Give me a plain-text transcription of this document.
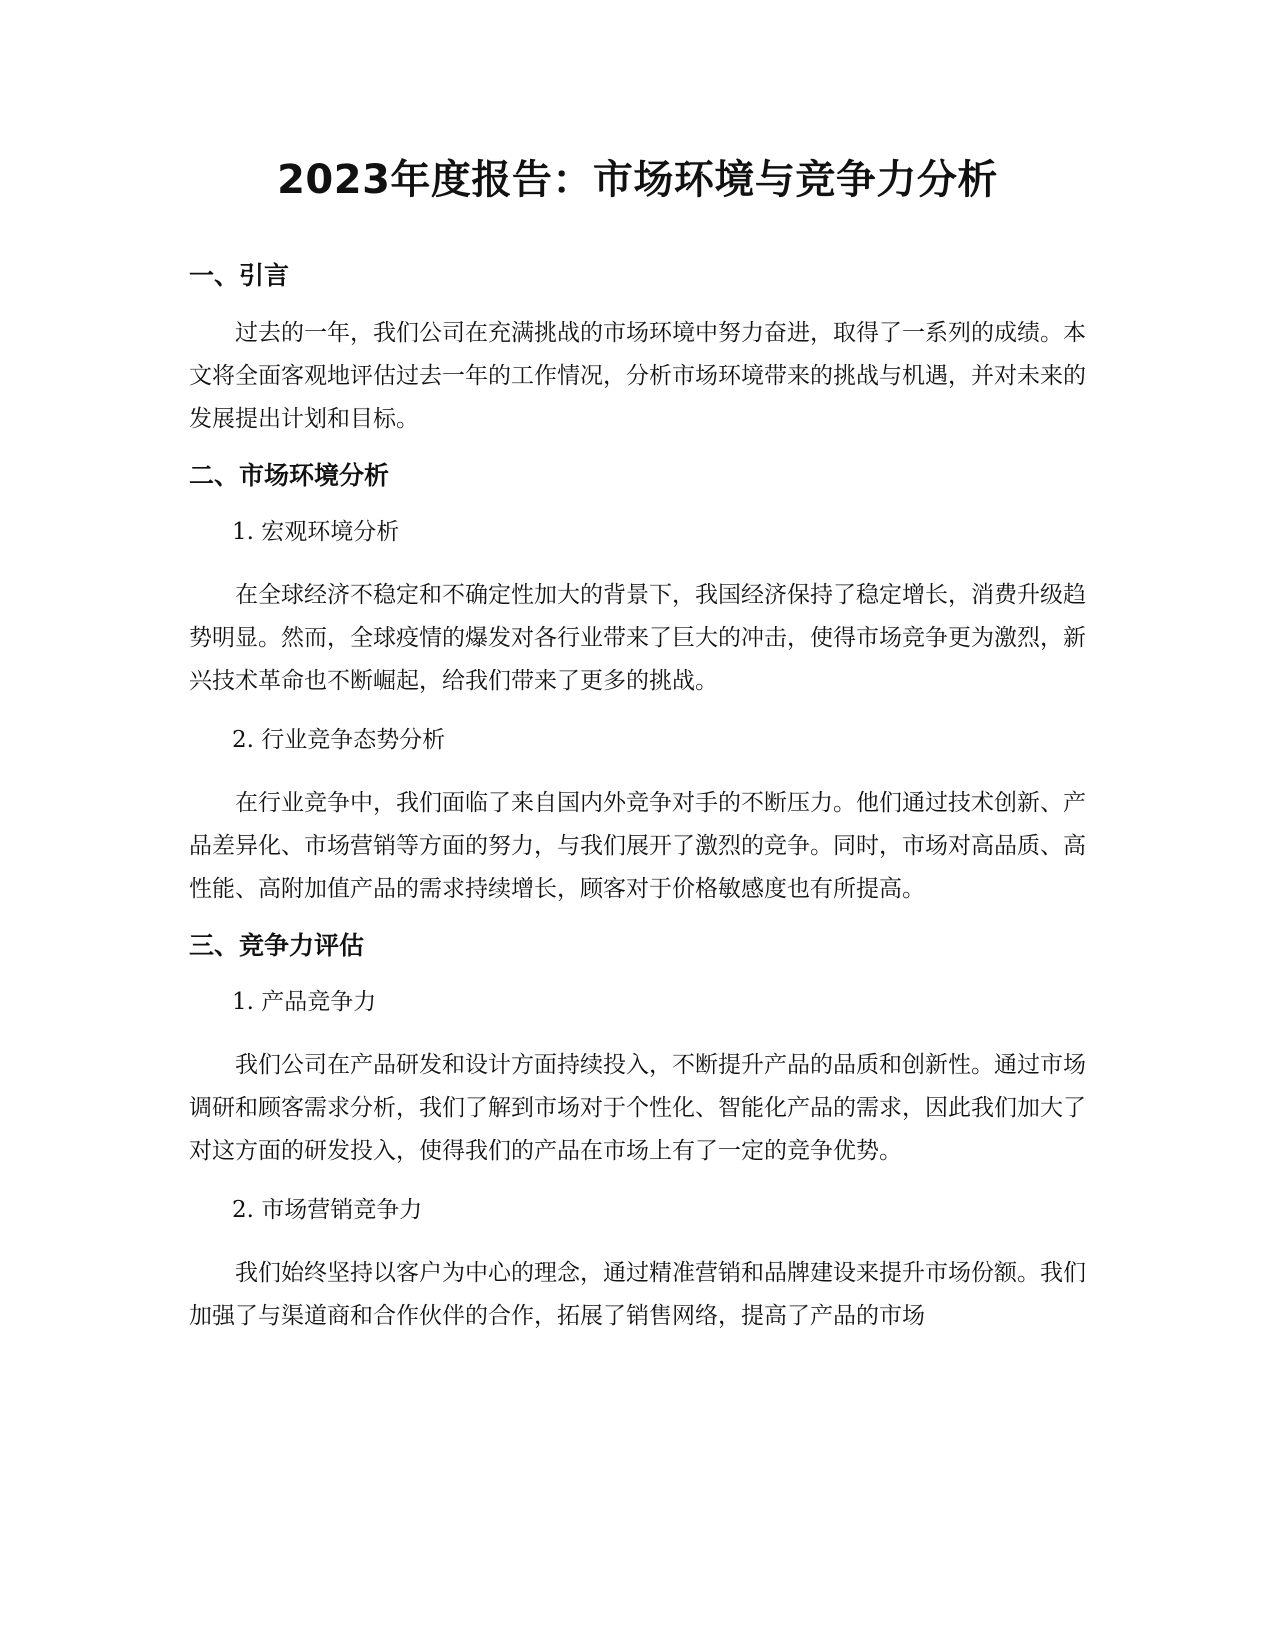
2023年度报告：市场环境与竞争力分析
一、引言

过去的一年，我们公司在充满挑战的市场环境中努力奋进，取得了一系列的成绩。本文将全面客观地评估过去一年的工作情况，分析市场环境带来的挑战与机遇，并对未来的发展提出计划和目标。

二、市场环境分析
1. 宏观环境分析

在全球经济不稳定和不确定性加大的背景下，我国经济保持了稳定增长，消费升级趋势明显。然而，全球疫情的爆发对各行业带来了巨大的冲击，使得市场竞争更为激烈，新兴技术革命也不断崛起，给我们带来了更多的挑战。

2. 行业竞争态势分析

在行业竞争中，我们面临了来自国内外竞争对手的不断压力。他们通过技术创新、产品差异化、市场营销等方面的努力，与我们展开了激烈的竞争。同时，市场对高品质、高性能、高附加值产品的需求持续增长，顾客对于价格敏感度也有所提高。

三、竞争力评估
1. 产品竞争力

我们公司在产品研发和设计方面持续投入，不断提升产品的品质和创新性。通过市场调研和顾客需求分析，我们了解到市场对于个性化、智能化产品的需求，因此我们加大了对这方面的研发投入，使得我们的产品在市场上有了一定的竞争优势。

2. 市场营销竞争力

我们始终坚持以客户为中心的理念，通过精准营销和品牌建设来提升市场份额。我们加强了与渠道商和合作伙伴的合作，拓展了销售网络，提高了产品的市场
